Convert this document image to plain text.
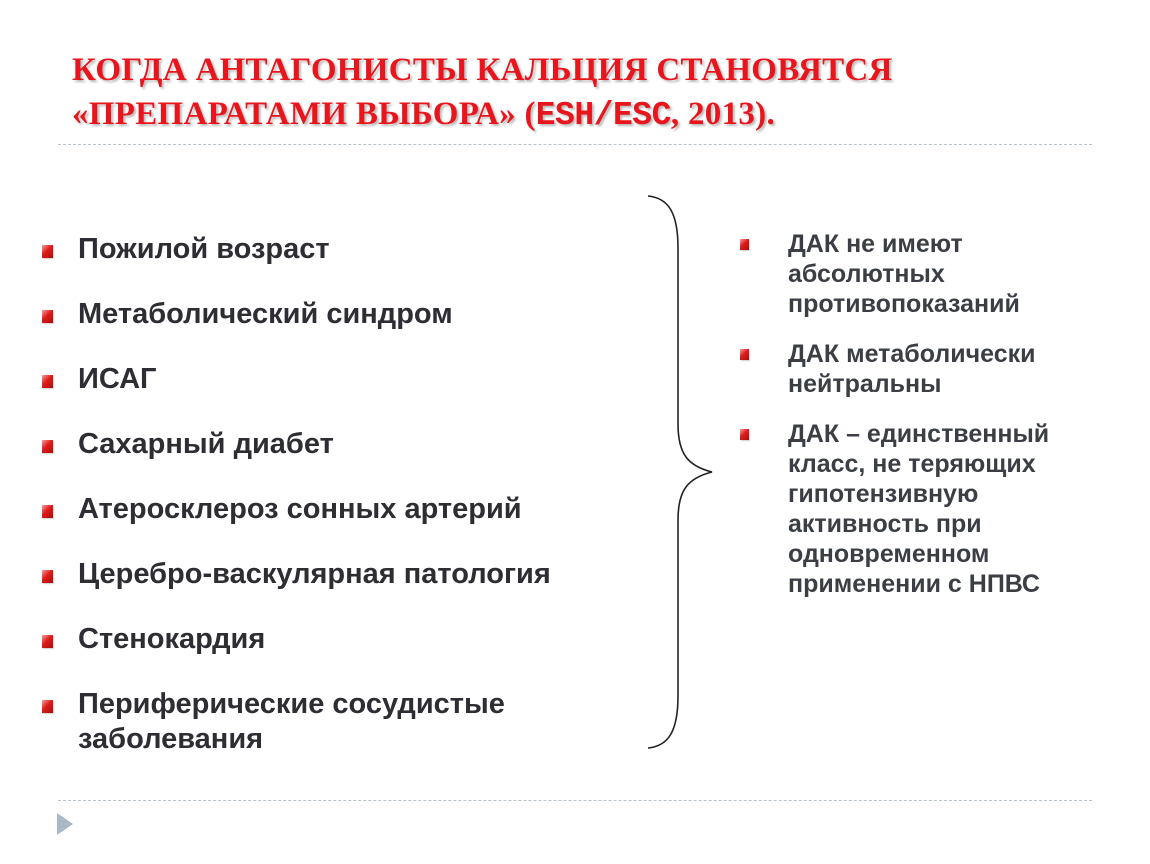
КОГДА АНТАГОНИСТЫ КАЛЬЦИЯ СТАНОВЯТСЯ
«ПРЕПАРАТАМИ ВЫБОРА» (ESH/ESC, 2013).
Пожилой возраст
Метаболический синдром
ИСАГ
Сахарный диабет
Атеросклероз сонных артерий
Церебро-васкулярная патология
Стенокардия
Периферические сосудистые заболевания
ДАК не имеют абсолютных противопоказаний
ДАК метаболически нейтральны
ДАК – единственный класс, не теряющих гипотензивную активность при одновременном применении с НПВС
